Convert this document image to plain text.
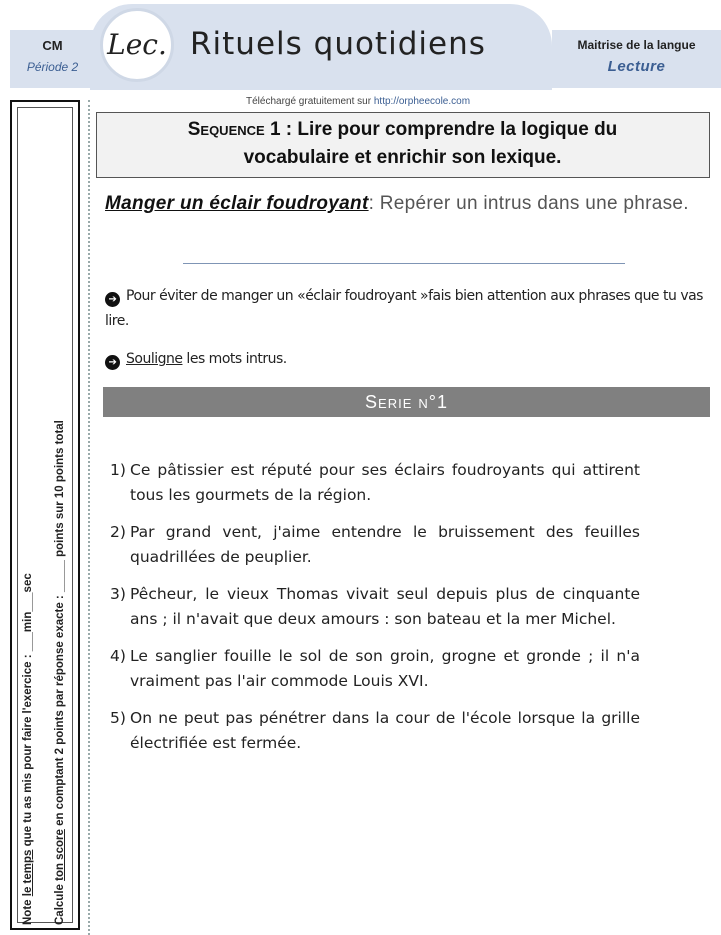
CM
Période 2
Lec. Rituels quotidiens	Maitrise de la langue
Lecture
Téléchargé gratuitement sur http://orpheecole.com
Note le temps que tu as mis pour faire l'exercice : ___min___sec
Calcule ton score en comptant 2 points par réponse exacte : _____ points sur 10 points total
Sequence 1 : Lire pour comprendre la logique du
vocabulaire et enrichir son lexique.
Manger un éclair foudroyant: Repérer un intrus dans une phrase.
➔ Pour éviter de manger un «éclair foudroyant »fais bien attention aux phrases que tu vas lire.
➔ Souligne les mots intrus.
Serie n°1
1) Ce pâtissier est réputé pour ses éclairs foudroyants qui attirent tous les gourmets de la région.
2) Par grand vent, j'aime entendre le bruissement des feuilles quadrillées de peuplier.
3) Pêcheur, le vieux Thomas vivait seul depuis plus de cinquante ans ; il n'avait que deux amours : son bateau et la mer Michel.
4) Le sanglier fouille le sol de son groin, grogne et gronde ; il n'a vraiment pas l'air commode Louis XVI.
5) On ne peut pas pénétrer dans la cour de l'école lorsque la grille électrifiée est fermée.
